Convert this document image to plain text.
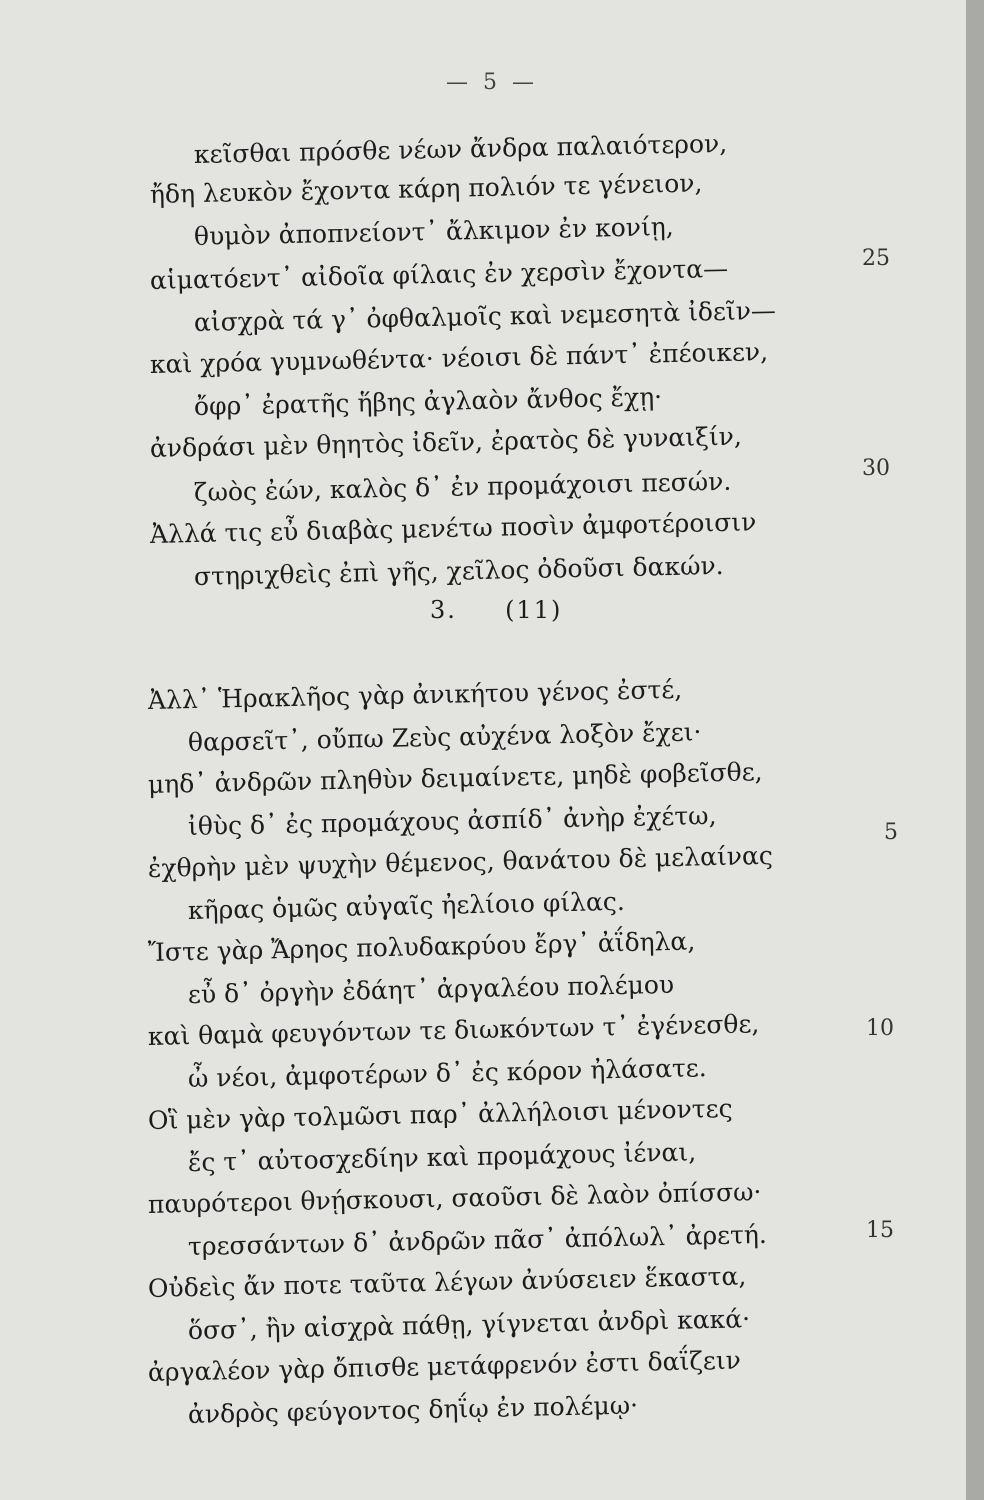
— 5 —
κεῖσθαι πρόσθε νέων ἄνδρα παλαιότερον,
ἤδη λευκὸν ἔχοντα κάρη πολιόν τε γένειον,
θυμὸν ἀποπνείοντ᾽ ἄλκιμον ἐν κονίῃ,
αἱματόεντ᾽ αἰδοῖα φίλαις ἐν χερσὶν ἔχοντα—
αἰσχρὰ τά γ᾽ ὀφθαλμοῖς καὶ νεμεσητὰ ἰδεῖν—
καὶ χρόα γυμνωθέντα· νέοισι δὲ πάντ᾽ ἐπέοικεν,
ὄφρ᾽ ἐρατῆς ἥβης ἀγλαὸν ἄνθος ἔχῃ·
ἀνδράσι μὲν θηητὸς ἰδεῖν, ἐρατὸς δὲ γυναιξίν,
ζωὸς ἐών, καλὸς δ᾽ ἐν προμάχοισι πεσών.
Ἀλλά τις εὖ διαβὰς μενέτω ποσὶν ἀμφοτέροισιν
στηριχθεὶς ἐπὶ γῆς, χεῖλος ὀδοῦσι δακών.
25
30
3. (11)
Ἀλλ᾽ Ἡρακλῆος γὰρ ἀνικήτου γένος ἐστέ,
θαρσεῖτ᾽, οὔπω Ζεὺς αὐχένα λοξὸν ἔχει·
μηδ᾽ ἀνδρῶν πληθὺν δειμαίνετε, μηδὲ φοβεῖσθε,
ἰθὺς δ᾽ ἐς προμάχους ἀσπίδ᾽ ἀνὴρ ἐχέτω,
ἐχθρὴν μὲν ψυχὴν θέμενος, θανάτου δὲ μελαίνας
κῆρας ὁμῶς αὐγαῖς ἠελίοιο φίλας.
Ἴστε γὰρ Ἄρηος πολυδακρύου ἔργ᾽ ἀΐδηλα,
εὖ δ᾽ ὀργὴν ἐδάητ᾽ ἀργαλέου πολέμου
καὶ θαμὰ φευγόντων τε διωκόντων τ᾽ ἐγένεσθε,
ὦ νέοι, ἀμφοτέρων δ᾽ ἐς κόρον ἠλάσατε.
Οἳ μὲν γὰρ τολμῶσι παρ᾽ ἀλλήλοισι μένοντες
ἔς τ᾽ αὐτοσχεδίην καὶ προμάχους ἰέναι,
παυρότεροι θνῄσκουσι, σαοῦσι δὲ λαὸν ὀπίσσω·
τρεσσάντων δ᾽ ἀνδρῶν πᾶσ᾽ ἀπόλωλ᾽ ἀρετή.
Οὐδεὶς ἄν ποτε ταῦτα λέγων ἀνύσειεν ἕκαστα,
ὅσσ᾽, ἢν αἰσχρὰ πάθῃ, γίγνεται ἀνδρὶ κακά·
ἀργαλέον γὰρ ὄπισθε μετάφρενόν ἐστι δαΐζειν
ἀνδρὸς φεύγοντος δηΐῳ ἐν πολέμῳ·
5
10
15
